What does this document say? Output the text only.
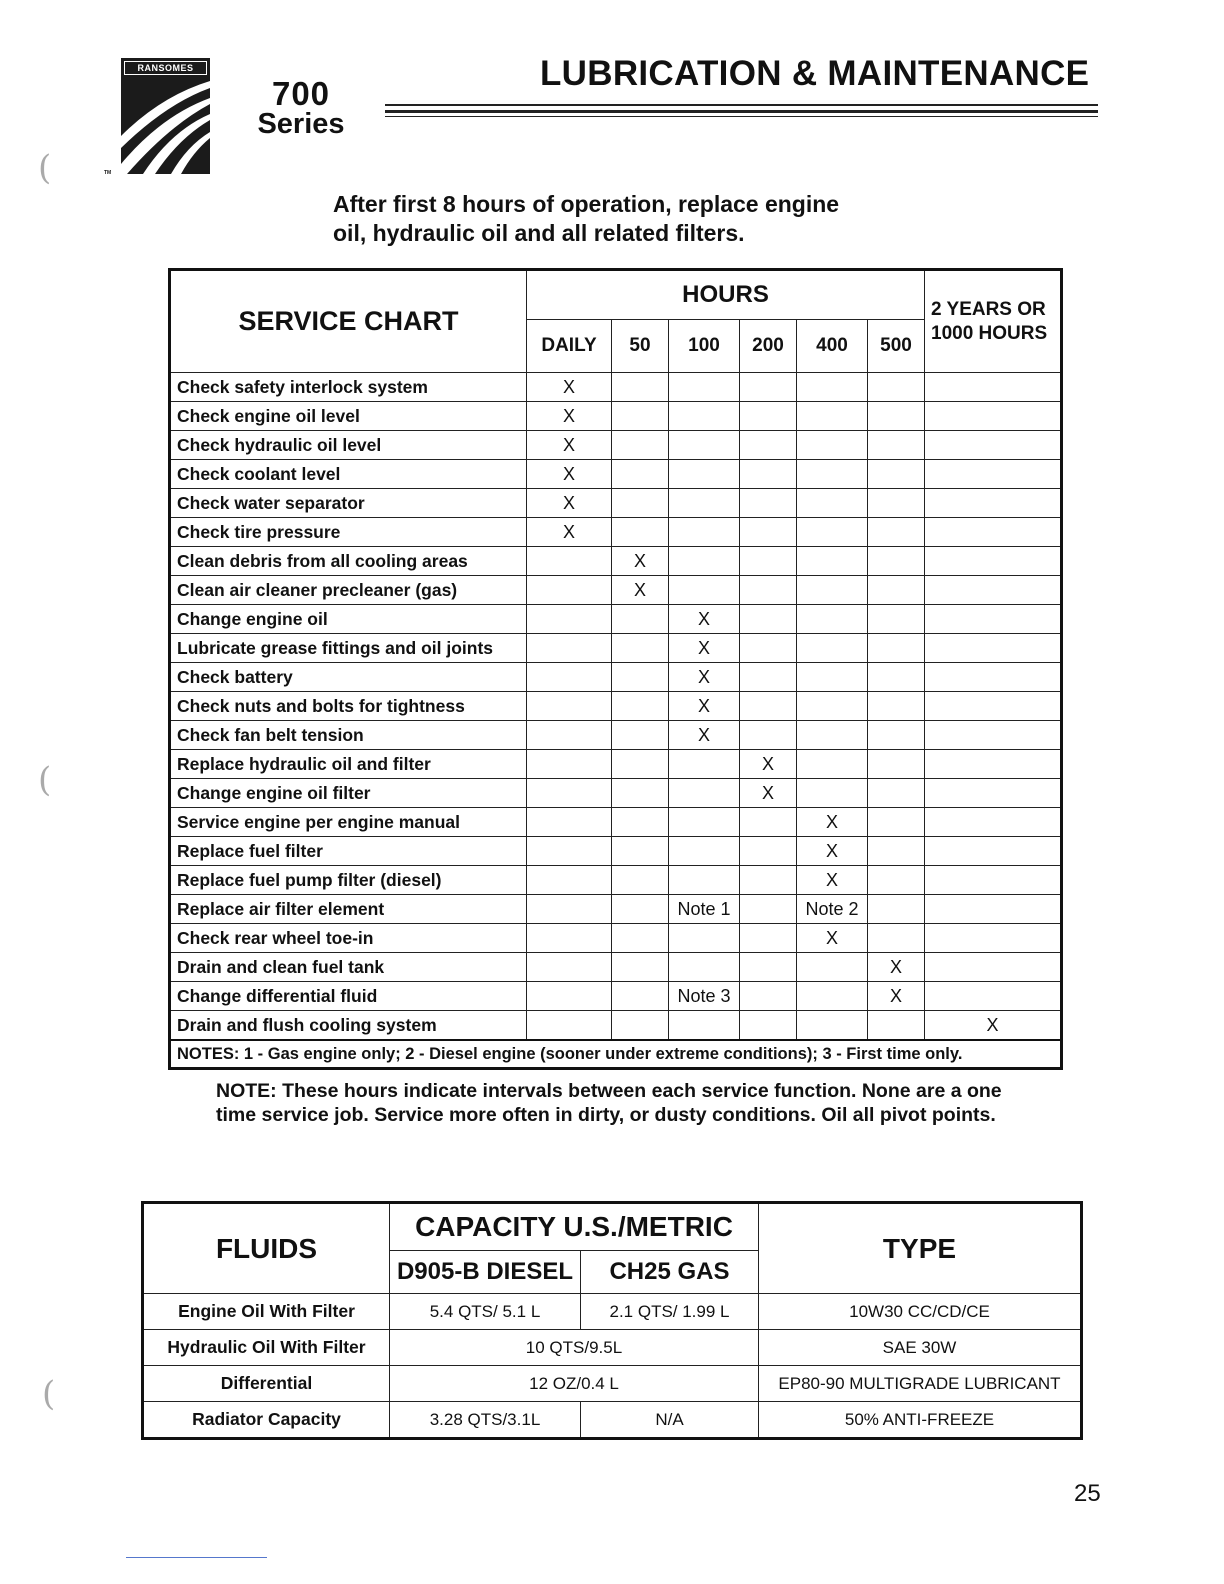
RANSOMES
TM
700
Series
LUBRICATION & MAINTENANCE
(
(
(
After first 8 hours of operation, replace engine
oil, hydraulic oil and all related filters.
SERVICE CHART	HOURS						2 YEARS OR
1000 HOURS

	DAILY	50	100	200	400	500	
Check safety interlock system	X						
Check engine oil level	X						
Check hydraulic oil level	X						
Check coolant level	X						
Check water separator	X						
Check tire pressure	X						
Clean debris from all cooling areas		X					
Clean air cleaner precleaner (gas)		X					
Change engine oil			X				
Lubricate grease fittings and oil joints			X				
Check battery			X				
Check nuts and bolts for tightness			X				
Check fan belt tension			X				
Replace hydraulic oil and filter				X			
Change engine oil filter				X			
Service engine per engine manual					X		
Replace fuel filter					X		
Replace fuel pump filter (diesel)					X		
Replace air filter element			Note 1		Note 2		
Check rear wheel toe-in					X		
Drain and clean fuel tank						X	
Change differential fluid			Note 3			X	
Drain and flush cooling system							X
NOTES: 1 - Gas engine only; 2 - Diesel engine (sooner under extreme conditions); 3 - First time only.							
NOTE: These hours indicate intervals between each service function. None are a one
time service job. Service more often in dirty, or dusty conditions. Oil all pivot points.
FLUIDS	CAPACITY U.S./METRIC		TYPE
	D905-B DIESEL	CH25 GAS	
Engine Oil With Filter	5.4 QTS/ 5.1 L	2.1 QTS/ 1.99 L	10W30 CC/CD/CE
Hydraulic Oil With Filter	10 QTS/9.5L		SAE 30W
Differential	12 OZ/0.4 L		EP80-90 MULTIGRADE LUBRICANT
Radiator Capacity	3.28 QTS/3.1L	N/A	50% ANTI-FREEZE
25
